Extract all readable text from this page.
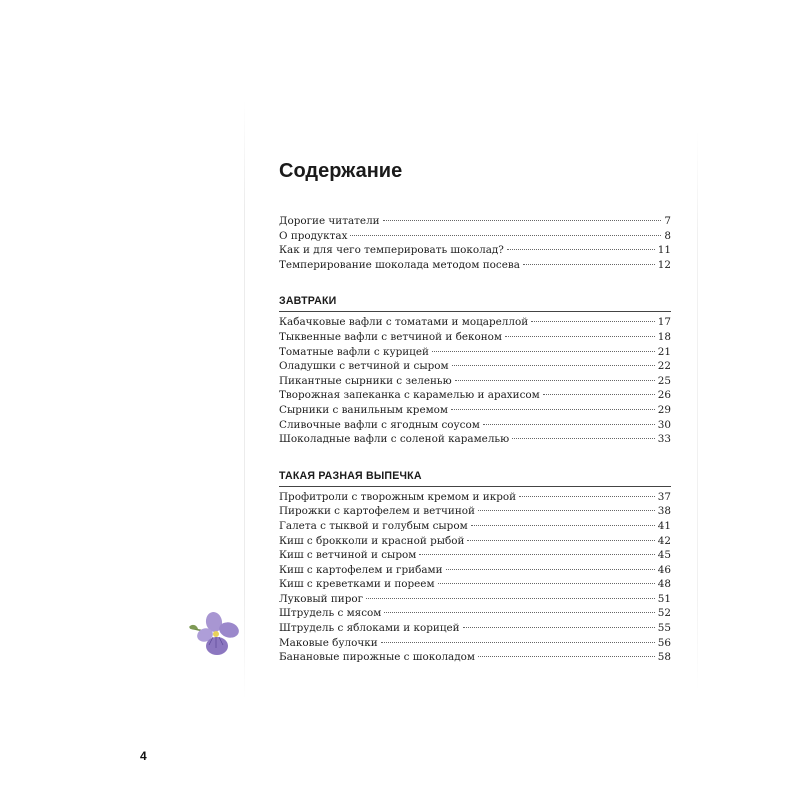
Содержание
Дорогие читатели	7
О продуктах	8
Как и для чего темперировать шоколад?	11
Темперирование шоколада методом посева	12
ЗАВТРАКИ
Кабачковые вафли с томатами и моцареллой	17
Тыквенные вафли с ветчиной и беконом	18
Томатные вафли с курицей	21
Оладушки с ветчиной и сыром	22
Пикантные сырники с зеленью	25
Творожная запеканка с карамелью и арахисом	26
Сырники с ванильным кремом	29
Сливочные вафли с ягодным соусом	30
Шоколадные вафли с соленой карамелью	33
ТАКАЯ РАЗНАЯ ВЫПЕЧКА
Профитроли с творожным кремом и икрой	37
Пирожки с картофелем и ветчиной	38
Галета с тыквой и голубым сыром	41
Киш с брокколи и красной рыбой	42
Киш с ветчиной и сыром	45
Киш с картофелем и грибами	46
Киш с креветками и пореем	48
Луковый пирог	51
Штрудель с мясом	52
Штрудель с яблоками и корицей	55
Маковые булочки	56
Банановые пирожные с шоколадом	58
4
